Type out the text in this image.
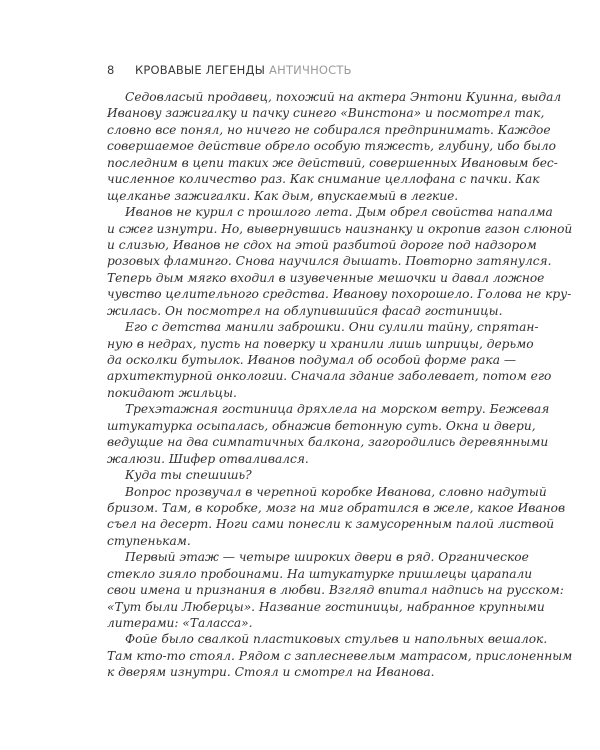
8 КРОВАВЫЕ ЛЕГЕНДЫ АНТИЧНОСТЬ
Седовласый продавец, похожий на актера Энтони Куинна, выдал
Иванову зажигалку и пачку синего «Винстона» и посмотрел так,
словно все понял, но ничего не собирался предпринимать. Каждое
совершаемое действие обрело особую тяжесть, глубину, ибо было
последним в цепи таких же действий, совершенных Ивановым бес-
численное количество раз. Как снимание целлофана с пачки. Как
щелканье зажигалки. Как дым, впускаемый в легкие.
Иванов не курил с прошлого лета. Дым обрел свойства напалма
и сжег изнутри. Но, вывернувшись наизнанку и окропив газон слюной
и слизью, Иванов не сдох на этой разбитой дороге под надзором
розовых фламинго. Снова научился дышать. Повторно затянулся.
Теперь дым мягко входил в изувеченные мешочки и давал ложное
чувство целительного средства. Иванову похорошело. Голова не кру-
жилась. Он посмотрел на облупившийся фасад гостиницы.
Его с детства манили заброшки. Они сулили тайну, спрятан-
ную в недрах, пусть на поверку и хранили лишь шприцы, дерьмо
да осколки бутылок. Иванов подумал об особой форме рака —
архитектурной онкологии. Сначала здание заболевает, потом его
покидают жильцы.
Трехэтажная гостиница дряхлела на морском ветру. Бежевая
штукатурка осыпалась, обнажив бетонную суть. Окна и двери,
ведущие на два симпатичных балкона, загородились деревянными
жалюзи. Шифер отваливался.
Куда ты спешишь?
Вопрос прозвучал в черепной коробке Иванова, словно надутый
бризом. Там, в коробке, мозг на миг обратился в желе, какое Иванов
съел на десерт. Ноги сами понесли к замусоренным палой листвой
ступенькам.
Первый этаж — четыре широких двери в ряд. Органическое
стекло зияло пробоинами. На штукатурке пришлецы царапали
свои имена и признания в любви. Взгляд впитал надпись на русском:
«Тут были Люберцы». Название гостиницы, набранное крупными
литерами: «Таласса».
Фойе было свалкой пластиковых стульев и напольных вешалок.
Там кто-то стоял. Рядом с заплесневелым матрасом, прислоненным
к дверям изнутри. Стоял и смотрел на Иванова.
